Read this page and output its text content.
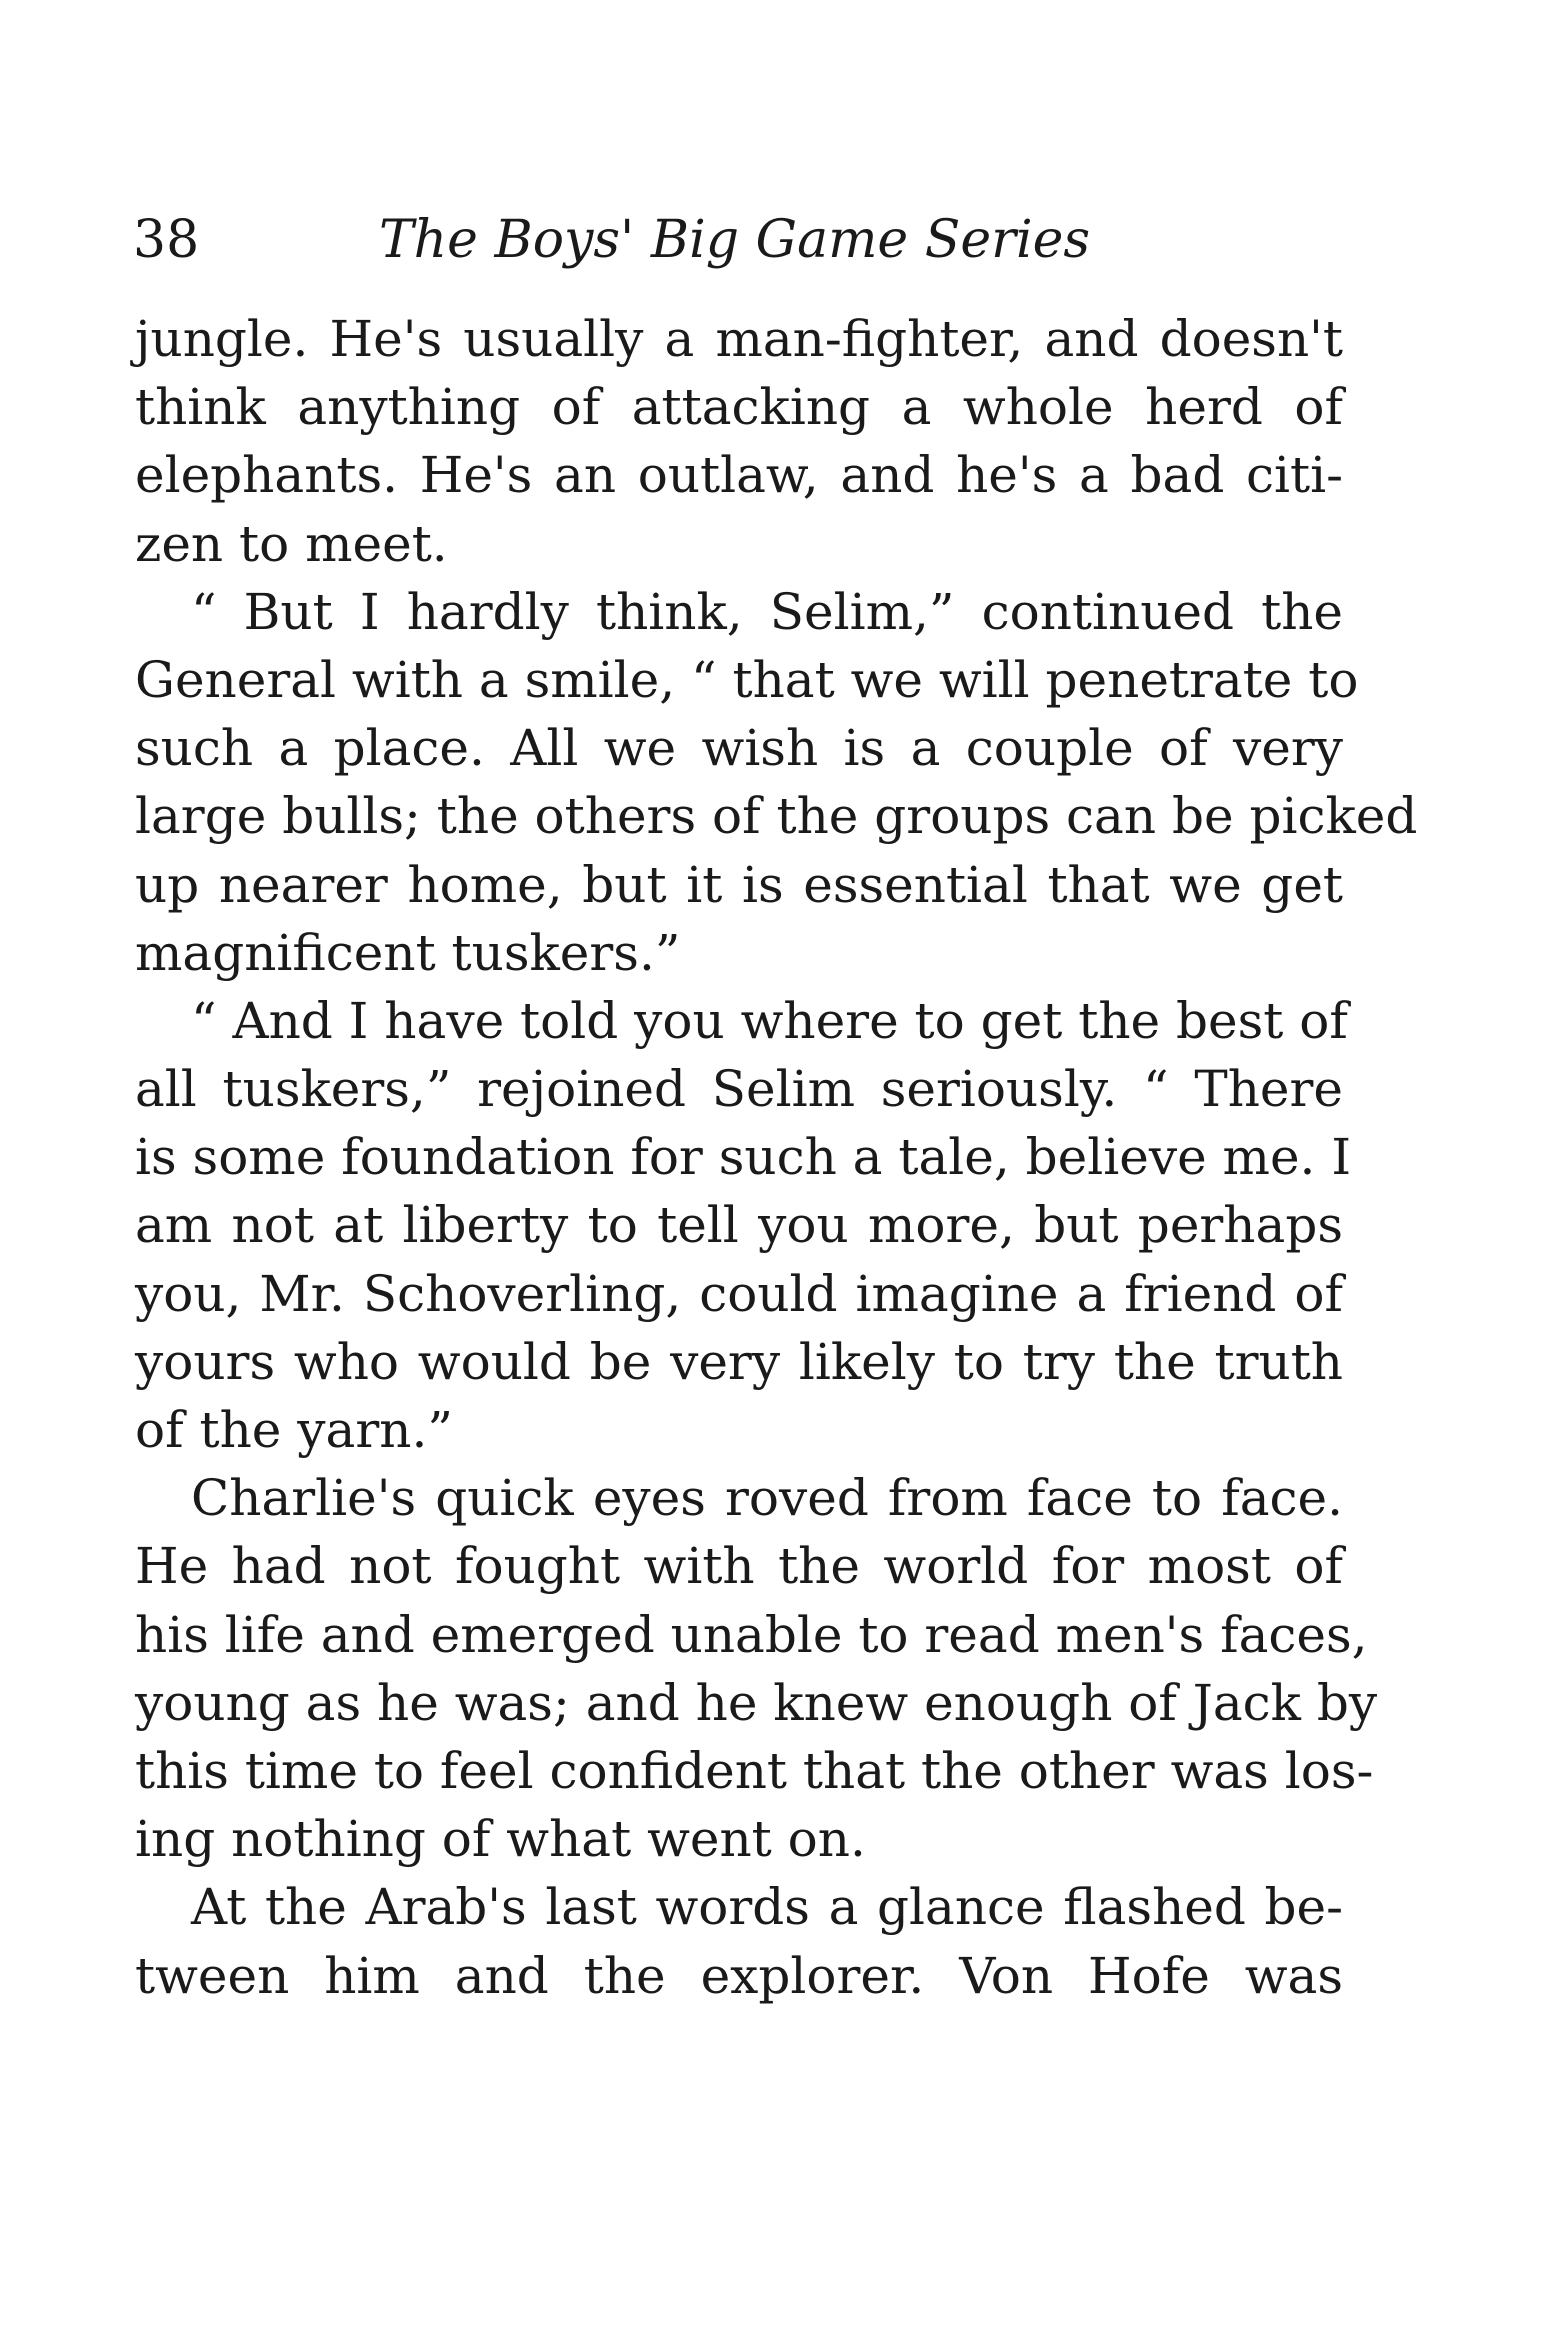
38	The Boys' Big Game Series
jungle. He's usually a man-fighter, and doesn't
think anything of attacking a whole herd of
elephants. He's an outlaw, and he's a bad citi-
zen to meet.
“ But I hardly think, Selim,” continued the
General with a smile, “ that we will penetrate to
such a place. All we wish is a couple of very
large bulls; the others of the groups can be picked
up nearer home, but it is essential that we get
magnificent tuskers.”
“ And I have told you where to get the best of
all tuskers,” rejoined Selim seriously. “ There
is some foundation for such a tale, believe me. I
am not at liberty to tell you more, but perhaps
you, Mr. Schoverling, could imagine a friend of
yours who would be very likely to try the truth
of the yarn.”
Charlie's quick eyes roved from face to face.
He had not fought with the world for most of
his life and emerged unable to read men's faces,
young as he was; and he knew enough of Jack by
this time to feel confident that the other was los-
ing nothing of what went on.
At the Arab's last words a glance flashed be-
tween him and the explorer. Von Hofe was
